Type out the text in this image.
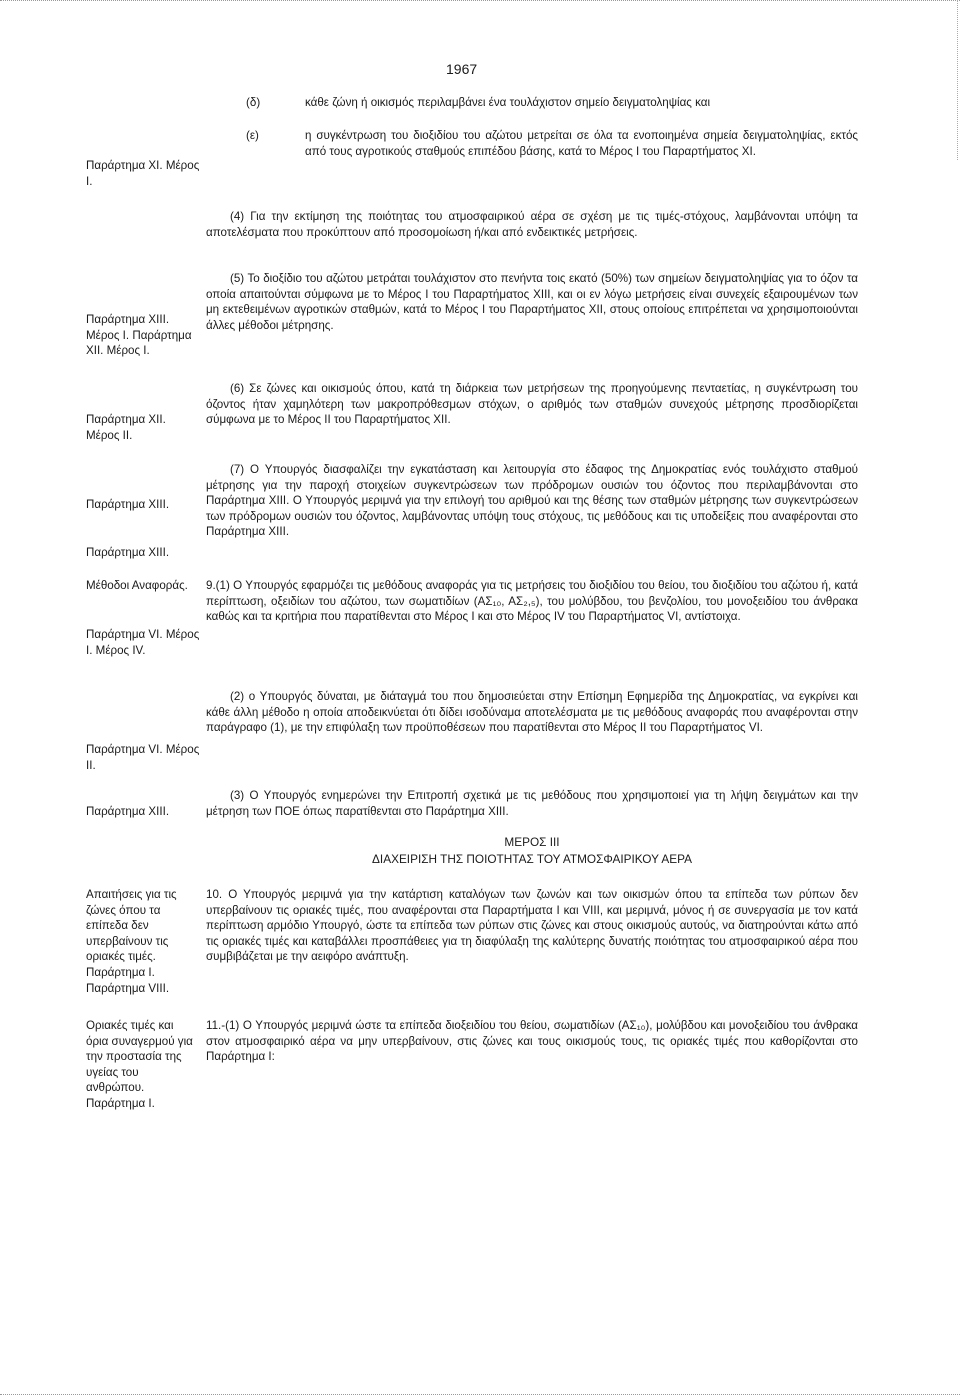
1967
(δ)	κάθε ζώνη ή οικισμός περιλαμβάνει ένα τουλάχιστον σημείο δειγματοληψίας και
(ε)	η συγκέντρωση του διοξιδίου του αζώτου μετρείται σε όλα τα ενοποιημένα σημεία δειγματοληψίας, εκτός από τους αγροτικούς σταθμούς επιπέδου βάσης, κατά το Μέρος I του Παραρτήματος XI.
Παράρτημα XI. Μέρος I.
Παράρτημα XIII. Μέρος I. Παράρτημα XII. Μέρος I.
Παράρτημα XII. Μέρος II.
Παράρτημα XIII.
Παράρτημα XIII.
Μέθοδοι Αναφοράς.
Παράρτημα VI. Μέρος I. Μέρος IV.
Παράρτημα VI. Μέρος II.
Παράρτημα XIII.
Απαιτήσεις για τις ζώνες όπου τα επίπεδα δεν υπερβαίνουν τις οριακές τιμές. Παράρτημα I. Παράρτημα VIII.
Οριακές τιμές και όρια συναγερμού για την προστασία της υγείας του ανθρώπου. Παράρτημα I.

(4) Για την εκτίμηση της ποιότητας του ατμοσφαιρικού αέρα σε σχέση με τις τιμές-στόχους, λαμβάνονται υπόψη τα αποτελέσματα που προκύπτουν από προσομοίωση ή/και από ενδεικτικές μετρήσεις.

(5) Το διοξίδιο του αζώτου μετράται τουλάχιστον στο πενήντα τοις εκατό (50%) των σημείων δειγματοληψίας για το όζον τα οποία απαιτούνται σύμφωνα με το Μέρος I του Παραρτήματος XIII, και οι εν λόγω μετρήσεις είναι συνεχείς εξαιρουμένων των μη εκτεθειμένων αγροτικών σταθμών, κατά το Μέρος I του Παραρτήματος XII, στους οποίους επιτρέπεται να χρησιμοποιούνται άλλες μέθοδοι μέτρησης.

(6) Σε ζώνες και οικισμούς όπου, κατά τη διάρκεια των μετρήσεων της προηγούμενης πενταετίας, η συγκέντρωση του όζοντος ήταν χαμηλότερη των μακροπρόθεσμων στόχων, ο αριθμός των σταθμών συνεχούς μέτρησης προσδιορίζεται σύμφωνα με το Μέρος II του Παραρτήματος XII.

(7) Ο Υπουργός διασφαλίζει την εγκατάσταση και λειτουργία στο έδαφος της Δημοκρατίας ενός τουλάχιστο σταθμού μέτρησης για την παροχή στοιχείων συγκεντρώσεων των πρόδρομων ουσιών του όζοντος που περιλαμβάνονται στο Παράρτημα XIII. Ο Υπουργός μεριμνά για την επιλογή του αριθμού και της θέσης των σταθμών μέτρησης των συγκεντρώσεων των πρόδρομων ουσιών του όζοντος, λαμβάνοντας υπόψη τους στόχους, τις μεθόδους και τις υποδείξεις που αναφέρονται στο Παράρτημα XIII.

9.(1) Ο Υπουργός εφαρμόζει τις μεθόδους αναφοράς για τις μετρήσεις του διοξιδίου του θείου, του διοξιδίου του αζώτου ή, κατά περίπτωση, οξειδίων του αζώτου, των σωματιδίων (ΑΣ₁₀, ΑΣ₂,₅), του μολύβδου, του βενζολίου, του μονοξειδίου του άνθρακα καθώς και τα κριτήρια που παρατίθενται στο Μέρος I και στο Μέρος IV του Παραρτήματος VI, αντίστοιχα.

(2) ο Υπουργός δύναται, με διάταγμά του που δημοσιεύεται στην Επίσημη Εφημερίδα της Δημοκρατίας, να εγκρίνει και κάθε άλλη μέθοδο η οποία αποδεικνύεται ότι δίδει ισοδύναμα αποτελέσματα με τις μεθόδους αναφοράς που αναφέρονται στην παράγραφο (1), με την επιφύλαξη των προϋποθέσεων που παρατίθενται στο Μέρος II του Παραρτήματος VI.

(3) Ο Υπουργός ενημερώνει την Επιτροπή σχετικά με τις μεθόδους που χρησιμοποιεί για τη λήψη δειγμάτων και την μέτρηση των ΠΟΕ όπως παρατίθενται στο Παράρτημα XIII.

ΜΕΡΟΣ III
ΔΙΑΧΕΙΡΙΣΗ ΤΗΣ ΠΟΙΟΤΗΤΑΣ ΤΟΥ ΑΤΜΟΣΦΑΙΡΙΚΟΥ ΑΕΡΑ

10. Ο Υπουργός μεριμνά για την κατάρτιση καταλόγων των ζωνών και των οικισμών όπου τα επίπεδα των ρύπων δεν υπερβαίνουν τις οριακές τιμές, που αναφέρονται στα Παραρτήματα I και VIII, και μεριμνά, μόνος ή σε συνεργασία με τον κατά περίπτωση αρμόδιο Υπουργό, ώστε τα επίπεδα των ρύπων στις ζώνες και στους οικισμούς αυτούς, να διατηρούνται κάτω από τις οριακές τιμές και καταβάλλει προσπάθειες για τη διαφύλαξη της καλύτερης δυνατής ποιότητας του ατμοσφαιρικού αέρα που συμβιβάζεται με την αειφόρο ανάπτυξη.

11.-(1) Ο Υπουργός μεριμνά ώστε τα επίπεδα διοξειδίου του θείου, σωματιδίων (ΑΣ₁₀), μολύβδου και μονοξειδίου του άνθρακα στον ατμοσφαιρικό αέρα να μην υπερβαίνουν, στις ζώνες και τους οικισμούς τους, τις οριακές τιμές που καθορίζονται στο Παράρτημα I:
